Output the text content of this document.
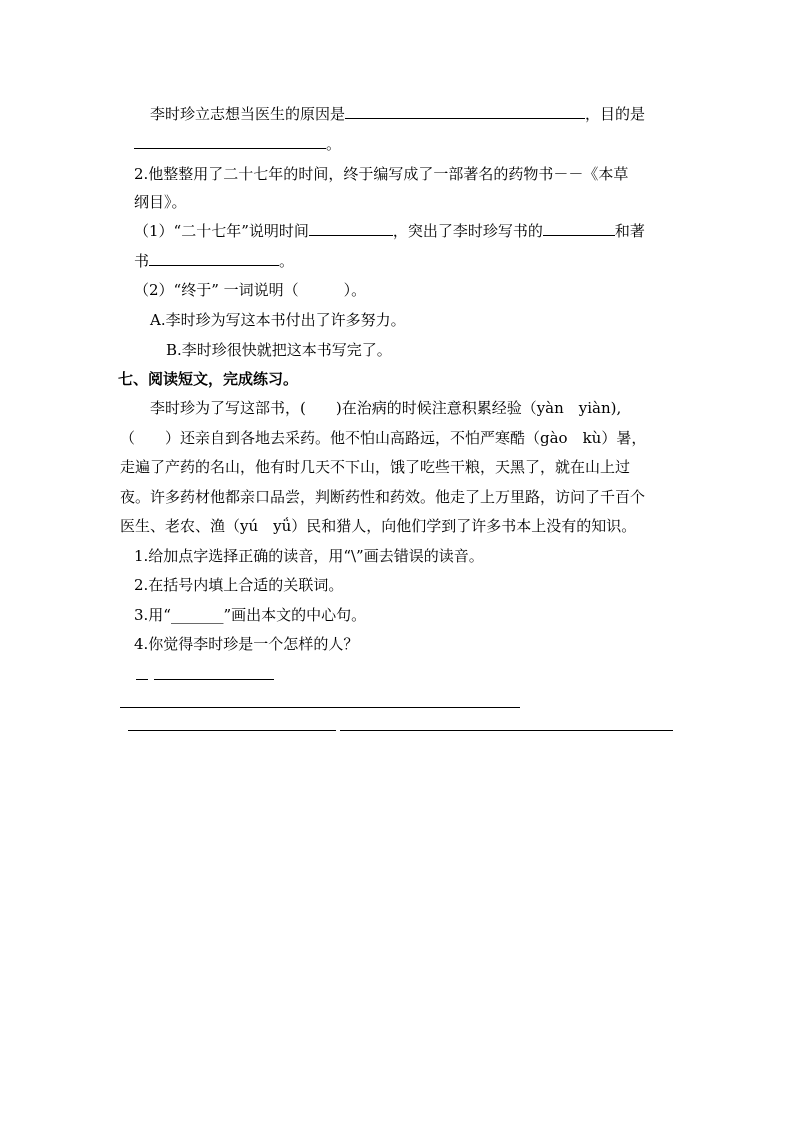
李时珍立志想当医生的原因是	，目的是
。
2.他整整用了二十七年的时间，终于编写成了一部著名的药物书－－《本草
纲目》。
（1）“二十七年”说明时间	，突出了李时珍写书的	和著
书	。
（2）“终于” 一词说明（　　　）。
A.李时珍为写这本书付出了许多努力。
B.李时珍很快就把这本书写完了。
七、阅读短文，完成练习。
李时珍为了写这部书，(　　)在治病的时候注意积累经验（yàn　yiàn),
（　　）还亲自到各地去采药。他不怕山高路远，不怕严寒酷（gào　kù）暑，
走遍了产药的名山，他有时几天不下山，饿了吃些干粮，天黑了，就在山上过
夜。许多药材他都亲口品尝，判断药性和药效。他走了上万里路，访问了千百个
医生、老农、渔（yú　yǘ）民和猎人，向他们学到了许多书本上没有的知识。
1.给加点字选择正确的读音，用“\”画去错误的读音。
2.在括号内填上合适的关联词。
3.用“_______”画出本文的中心句。
4.你觉得李时珍是一个怎样的人？
